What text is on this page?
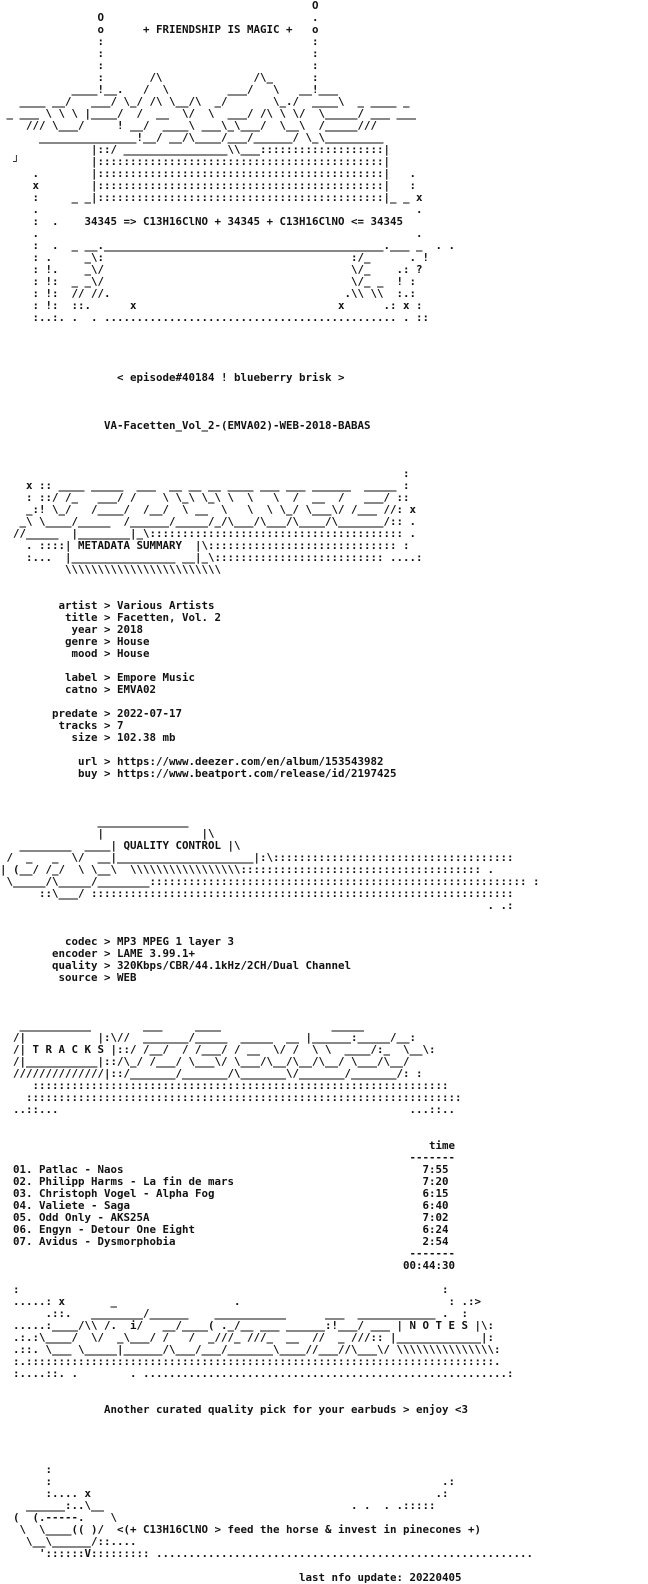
O
O                                .
o      + FRIENDSHIP IS MAGIC +   o
:                                :
:                                :
:                                :
:       /\              /\_      :
____!__.   /  \         ___/   \   __!___
____ __/   ___/ \_/ /\ \__/\  _/       \_./  ____\  _ ____ _
_ ___ \ \ \ |____/  /  __  \/  \  ___/ /\ \ \/  \_____/ ___ ___
/// \___/     ! __/  ____\ ___\_\___/  \__\  /_____///
_______________!__/ __/\____/___/______/ \_\_________
|::/ ________________\\___:::::::::::::::::::|
┘           |::::::::::::::::::::::::::::::::::::::::::::|
.        |::::::::::::::::::::::::::::::::::::::::::::|   .
x        |::::::::::::::::::::::::::::::::::::::::::::|   :
:     _ _|::::::::::::::::::::::::::::::::::::::::::::|_ _ x
.                                                          .
:  .    34345 => C13H16ClNO + 34345 + C13H16ClNO <= 34345
.                                                          .
:  .  _ __.___________________________________________.___ _  . .
: .     _\:                                      :/_      . !
: !.    _\/                                      \/_    .: ?
: !:  _ _\/                                      \/_ _  ! :
: !:  // //.                                    .\\ \\  :.:
: !:  ::.      x                               x      .: x :
:..:. .  . ............................................. . ::
< episode#40184 ! blueberry brisk >
VA-Facetten_Vol_2-(EMVA02)-WEB-2018-BABAS
:
x :: ____ _____  ___  __ __ __ ____ ___ ___ ______  _____ :
: ::/ /_   ___/ /    \ \_\ \_\ \  \   \  /  __  /   ___/ ::
_:! \_/   /____/  /__/  \ __  \   \  \ \_/ \___\/ /___ //: x
_\ \____/_____  /______/_____/_/\___/\___/\____/\_______/:: .
//_____  |________|_\::::::::::::::::::::::::::::::::::::::: .
. ::::| METADATA SUMMARY  |\::::::::::::::::::::::::::::: :
:...  |________________ __|_\:::::::::::::::::::::::::: ....:
\\\\\\\\\\\\\\\\\\\\\\\\
artist > Various Artists
title > Facetten, Vol. 2
year > 2018
genre > House
mood > House
label > Empore Music
catno > EMVA02
predate > 2022-07-17
tracks > 7
size > 102.38 mb
url > https://www.deezer.com/en/album/153543982
buy > https://www.beatport.com/release/id/2197425
______________
|               |\
________  ____| QUALITY CONTROL |\
/  _   _  \/  __|_____________________|:\:::::::::::::::::::::::::::::::::::::
| (__/ /_/  \ \__\  \\\\\\\\\\\\\\\\\::::::::::::::::::::::::::::::::::::: .
\_____/\_____/________:::::::::::::::::::::::::::::::::::::::::::::::::::::::::: :
::\___/ :::::::::::::::::::::::::::::::::::::::::::::::::::::::::::::::::
. .:
codec > MP3 MPEG 1 layer 3
encoder > LAME 3.99.1+
quality > 320Kbps/CBR/44.1kHz/2CH/Dual Channel
source > WEB
___________        ___     ____                 _____
/|           |:\//  _______/_____  _____  __ |______:_____/__:
/| T R A C K S |::/ /__/  / /___/ / __  \/ /  \ \  ____/:_  \__\:
/|___________|::/\_/ /___/ \___\/ \___/\__/\__/\__/ \___/\__/
//////////////|::/_______/_______/\_______\/_______/_______/: :
::::::::::::::::::::::::::::::::::::::::::::::::::::::::::::::::
:::::::::::::::::::::::::::::::::::::::::::::::::::::::::::::::::::
..::...                                                      ...::..
time
-------
01. Patlac - Naos                                              7:55
02. Philipp Harms - La fin de mars                             7:20
03. Christoph Vogel - Alpha Fog                                6:15
04. Valiete - Saga                                             6:40
05. Odd Only - AKS25A                                          7:02
06. Engyn - Detour One Eight                                   6:24
07. Avidus - Dysmorphobia                                      2:54
-------
00:44:30
:                                                                 :
.....: x       _                  .                                : .:>
.::.   ________/______    ___________      ___  ____________ .  :
.....:____/\\ /.  i/   __/____( ._/__ ___ ______:!___/ ___ | N O T E S |\:
.:.:\____/  \/  _\___/ /   /  _///_ ///_  __  //  _ ///:: |_____________|:
.::. \___ \_____|______/\___/___/_______\____//___//\___\/ \\\\\\\\\\\\\\\:
:.::::::::::::::::::::::::::::::::::::::::::::::::::::::::::::::::::::::::.
:....::. .        . ........................................................:
Another curated quality pick for your earbuds > enjoy <3
:
:                                                            .:
:.... x                                                     .:
______:..\__                                      . .  . .:::::
(  (.-----.    \
\  \____(( )/  <(+ C13H16ClNO > feed the horse & invest in pinecones +)
\__\______/::....
'::::::V::::::::: ..........................................................
last nfo update: 20220405
